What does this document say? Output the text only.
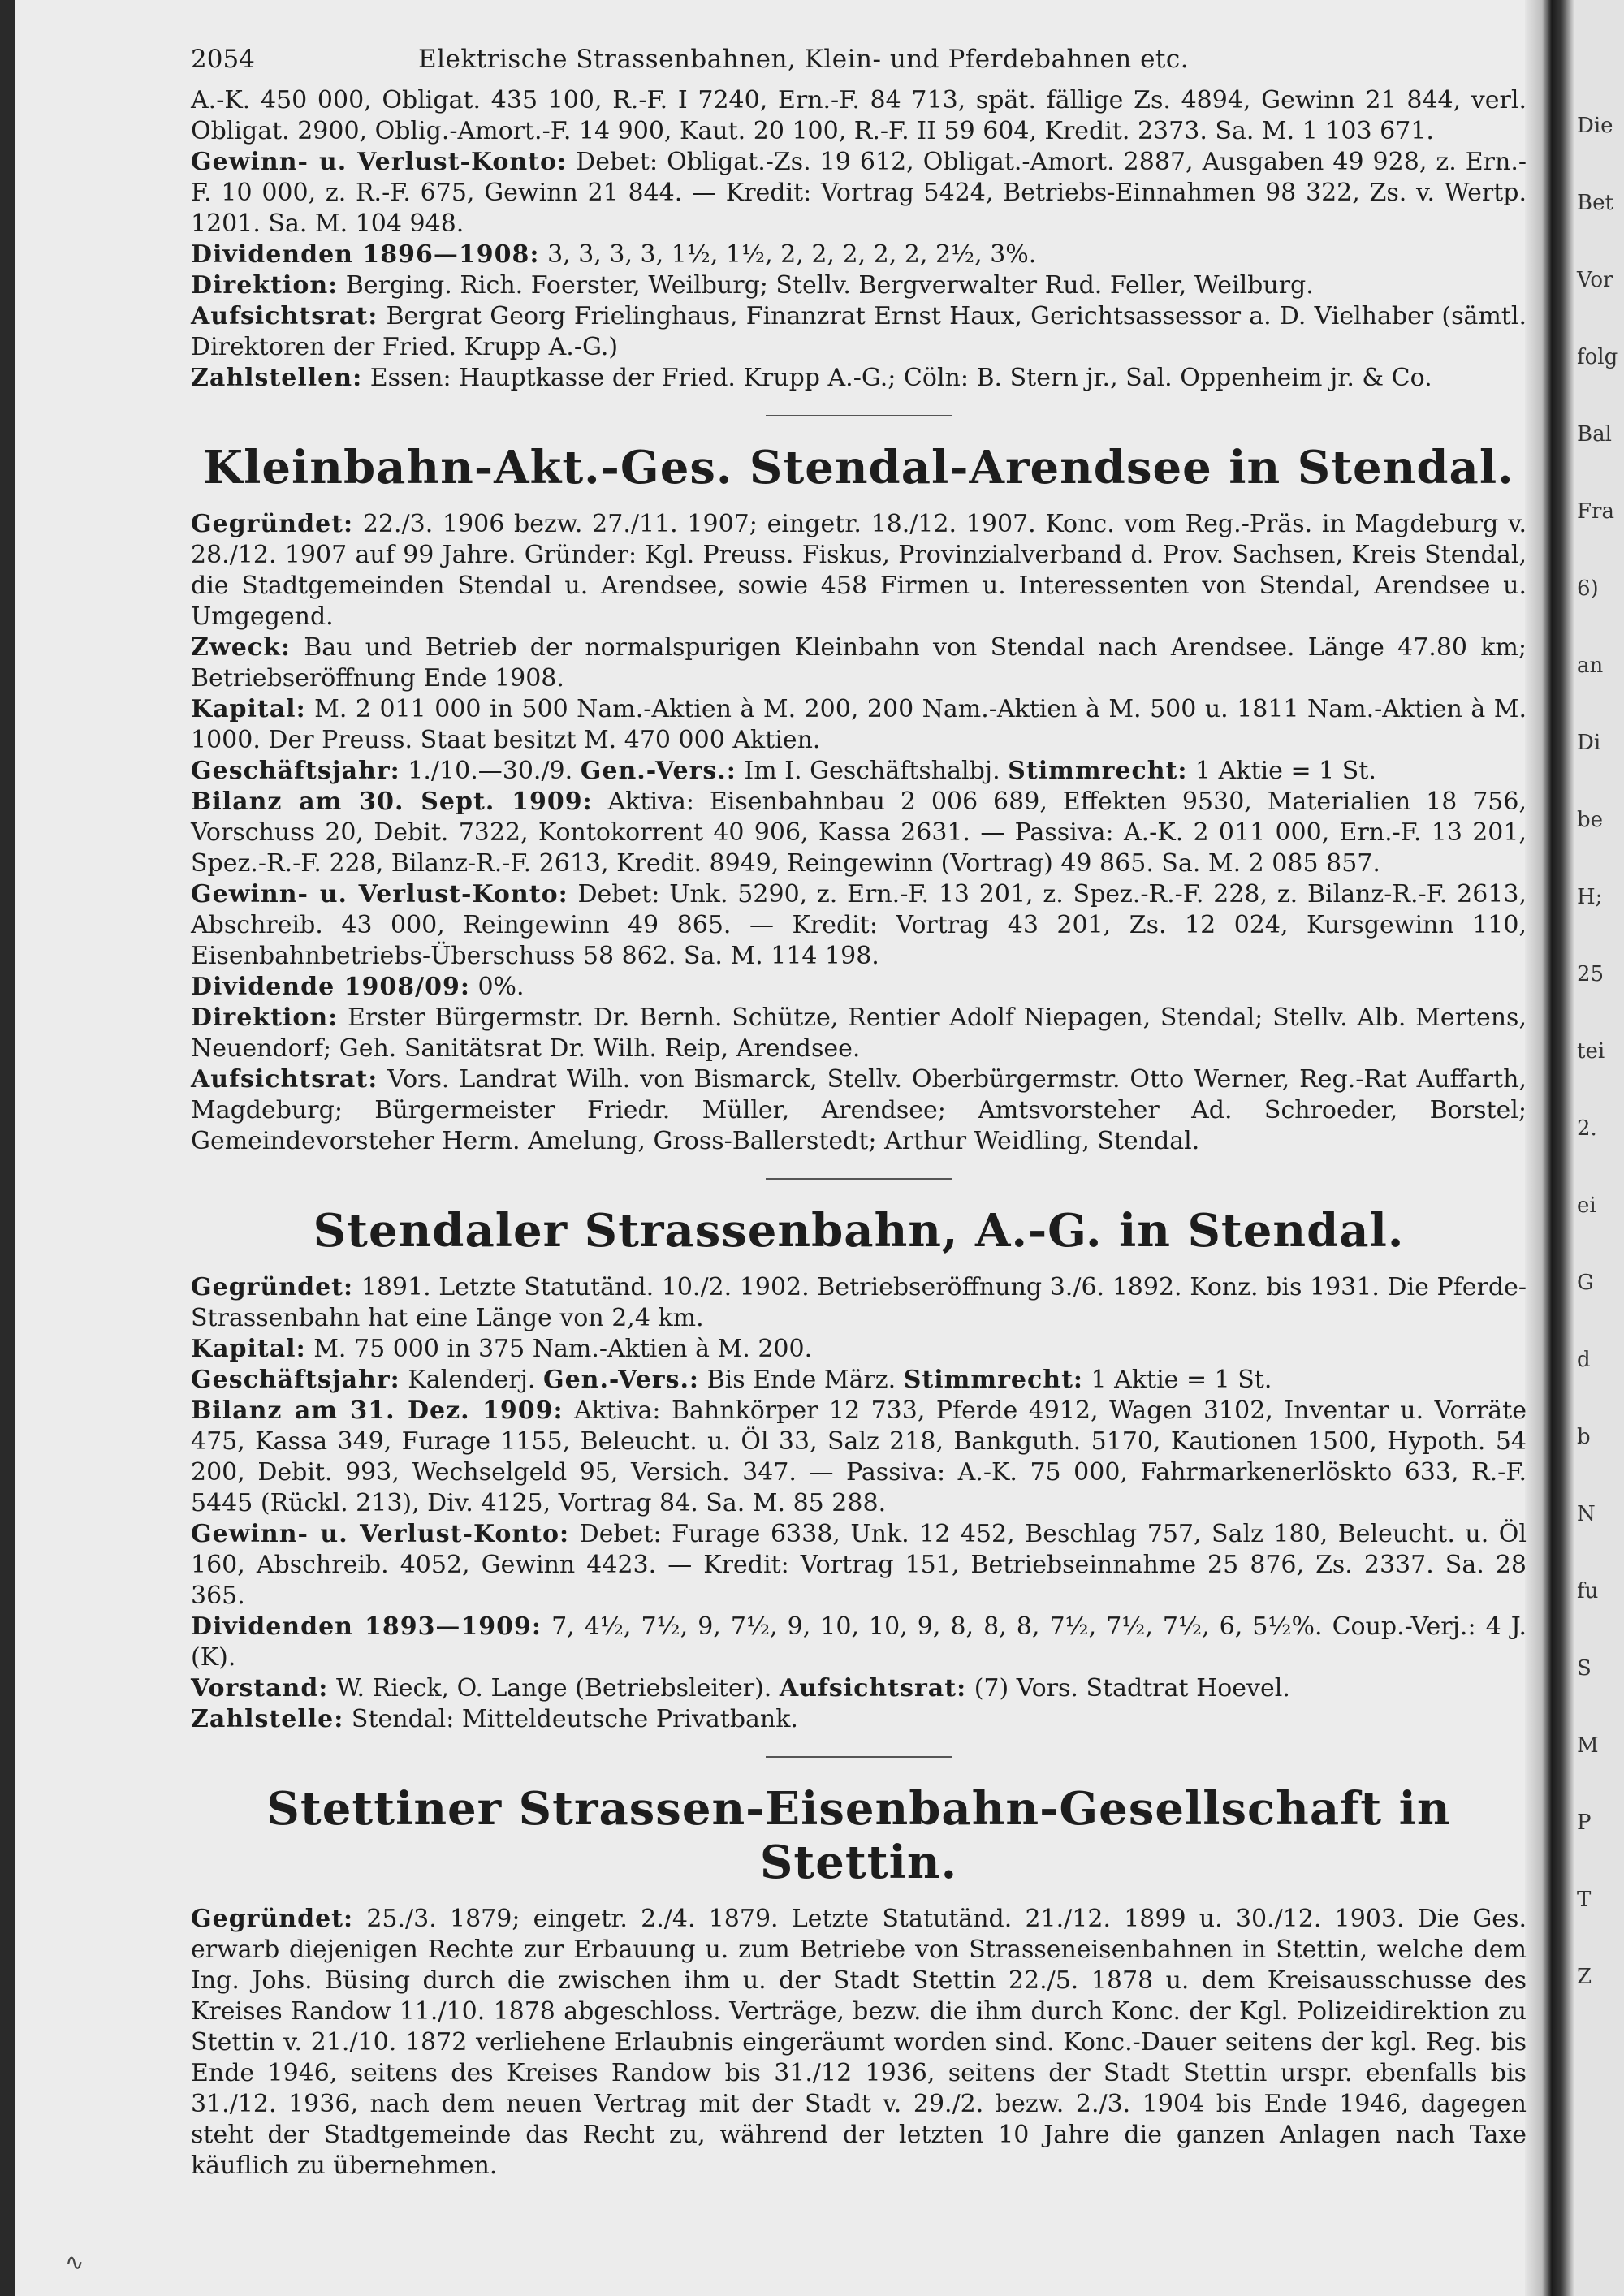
Die
Bet
Vor
folg
Bal
Fra
6)
an
Di
be
H;
25
tei
2.
ei
G
d
b
N
fu
S
M
P
T
Z
2054	Elektrische Strassenbahnen, Klein- und Pferdebahnen etc.

A.-K. 450 000, Obligat. 435 100, R.-F. I 7240, Ern.-F. 84 713, spät. fällige Zs. 4894, Gewinn 21 844, verl. Obligat. 2900, Oblig.-Amort.-F. 14 900, Kaut. 20 100, R.-F. II 59 604, Kredit. 2373. Sa. M. 1 103 671.

Gewinn- u. Verlust-Konto: Debet: Obligat.-Zs. 19 612, Obligat.-Amort. 2887, Ausgaben 49 928, z. Ern.-F. 10 000, z. R.-F. 675, Gewinn 21 844. — Kredit: Vortrag 5424, Betriebs-Einnahmen 98 322, Zs. v. Wertp. 1201. Sa. M. 104 948.

Dividenden 1896—1908: 3, 3, 3, 3, 1½, 1½, 2, 2, 2, 2, 2, 2½, 3%.

Direktion: Berging. Rich. Foerster, Weilburg; Stellv. Bergverwalter Rud. Feller, Weilburg.

Aufsichtsrat: Bergrat Georg Frielinghaus, Finanzrat Ernst Haux, Gerichtsassessor a. D. Vielhaber (sämtl. Direktoren der Fried. Krupp A.-G.)

Zahlstellen: Essen: Hauptkasse der Fried. Krupp A.-G.; Cöln: B. Stern jr., Sal. Oppenheim jr. & Co.

Kleinbahn-Akt.-Ges. Stendal-Arendsee in Stendal.

Gegründet: 22./3. 1906 bezw. 27./11. 1907; eingetr. 18./12. 1907. Konc. vom Reg.-Präs. in Magdeburg v. 28./12. 1907 auf 99 Jahre. Gründer: Kgl. Preuss. Fiskus, Provinzialverband d. Prov. Sachsen, Kreis Stendal, die Stadtgemeinden Stendal u. Arendsee, sowie 458 Firmen u. Interessenten von Stendal, Arendsee u. Umgegend.

Zweck: Bau und Betrieb der normalspurigen Kleinbahn von Stendal nach Arendsee. Länge 47.80 km; Betriebseröffnung Ende 1908.

Kapital: M. 2 011 000 in 500 Nam.-Aktien à M. 200, 200 Nam.-Aktien à M. 500 u. 1811 Nam.-Aktien à M. 1000. Der Preuss. Staat besitzt M. 470 000 Aktien.

Geschäftsjahr: 1./10.—30./9. Gen.-Vers.: Im I. Geschäftshalbj. Stimmrecht: 1 Aktie = 1 St.

Bilanz am 30. Sept. 1909: Aktiva: Eisenbahnbau 2 006 689, Effekten 9530, Materialien 18 756, Vorschuss 20, Debit. 7322, Kontokorrent 40 906, Kassa 2631. — Passiva: A.-K. 2 011 000, Ern.-F. 13 201, Spez.-R.-F. 228, Bilanz-R.-F. 2613, Kredit. 8949, Reingewinn (Vortrag) 49 865. Sa. M. 2 085 857.

Gewinn- u. Verlust-Konto: Debet: Unk. 5290, z. Ern.-F. 13 201, z. Spez.-R.-F. 228, z. Bilanz-R.-F. 2613, Abschreib. 43 000, Reingewinn 49 865. — Kredit: Vortrag 43 201, Zs. 12 024, Kursgewinn 110, Eisenbahnbetriebs-Überschuss 58 862. Sa. M. 114 198.

Dividende 1908/09: 0%.

Direktion: Erster Bürgermstr. Dr. Bernh. Schütze, Rentier Adolf Niepagen, Stendal; Stellv. Alb. Mertens, Neuendorf; Geh. Sanitätsrat Dr. Wilh. Reip, Arendsee.

Aufsichtsrat: Vors. Landrat Wilh. von Bismarck, Stellv. Oberbürgermstr. Otto Werner, Reg.-Rat Auffarth, Magdeburg; Bürgermeister Friedr. Müller, Arendsee; Amtsvorsteher Ad. Schroeder, Borstel; Gemeindevorsteher Herm. Amelung, Gross-Ballerstedt; Arthur Weidling, Stendal.

Stendaler Strassenbahn, A.-G. in Stendal.

Gegründet: 1891. Letzte Statutänd. 10./2. 1902. Betriebseröffnung 3./6. 1892. Konz. bis 1931. Die Pferde-Strassenbahn hat eine Länge von 2,4 km.

Kapital: M. 75 000 in 375 Nam.-Aktien à M. 200.

Geschäftsjahr: Kalenderj. Gen.-Vers.: Bis Ende März. Stimmrecht: 1 Aktie = 1 St.

Bilanz am 31. Dez. 1909: Aktiva: Bahnkörper 12 733, Pferde 4912, Wagen 3102, Inventar u. Vorräte 475, Kassa 349, Furage 1155, Beleucht. u. Öl 33, Salz 218, Bankguth. 5170, Kautionen 1500, Hypoth. 54 200, Debit. 993, Wechselgeld 95, Versich. 347. — Passiva: A.-K. 75 000, Fahrmarkenerlöskto 633, R.-F. 5445 (Rückl. 213), Div. 4125, Vortrag 84. Sa. M. 85 288.

Gewinn- u. Verlust-Konto: Debet: Furage 6338, Unk. 12 452, Beschlag 757, Salz 180, Beleucht. u. Öl 160, Abschreib. 4052, Gewinn 4423. — Kredit: Vortrag 151, Betriebseinnahme 25 876, Zs. 2337. Sa. 28 365.

Dividenden 1893—1909: 7, 4½, 7½, 9, 7½, 9, 10, 10, 9, 8, 8, 8, 7½, 7½, 7½, 6, 5½%. Coup.-Verj.: 4 J. (K).

Vorstand: W. Rieck, O. Lange (Betriebsleiter). Aufsichtsrat: (7) Vors. Stadtrat Hoevel.

Zahlstelle: Stendal: Mitteldeutsche Privatbank.

Stettiner Strassen-Eisenbahn-Gesellschaft in Stettin.

Gegründet: 25./3. 1879; eingetr. 2./4. 1879. Letzte Statutänd. 21./12. 1899 u. 30./12. 1903. Die Ges. erwarb diejenigen Rechte zur Erbauung u. zum Betriebe von Strasseneisenbahnen in Stettin, welche dem Ing. Johs. Büsing durch die zwischen ihm u. der Stadt Stettin 22./5. 1878 u. dem Kreisausschusse des Kreises Randow 11./10. 1878 abgeschloss. Verträge, bezw. die ihm durch Konc. der Kgl. Polizeidirektion zu Stettin v. 21./10. 1872 verliehene Erlaubnis eingeräumt worden sind. Konc.-Dauer seitens der kgl. Reg. bis Ende 1946, seitens des Kreises Randow bis 31./12 1936, seitens der Stadt Stettin urspr. ebenfalls bis 31./12. 1936, nach dem neuen Vertrag mit der Stadt v. 29./2. bezw. 2./3. 1904 bis Ende 1946, dagegen steht der Stadtgemeinde das Recht zu, während der letzten 10 Jahre die ganzen Anlagen nach Taxe käuflich zu übernehmen.

∿
